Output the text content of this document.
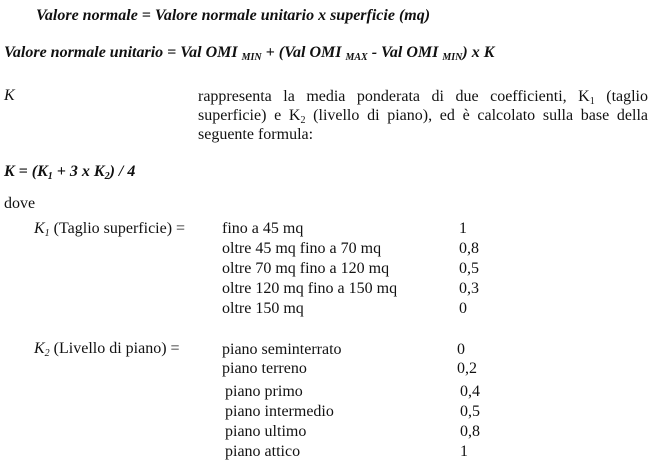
Valore normale = Valore normale unitario x superficie (mq)
Valore normale unitario = Val OMI $_{MIN}$ + (Val OMI $_{MAX}$ - Val OMI $_{MIN}$) x K
K	rappresenta la media ponderata di due coefficienti, $K_1$ (taglio superficie) e $K_2$ (livello di piano), ed è calcolato sulla base della seguente formula:
$K = (K_1 + 3$ x $K_2) / 4$
dove
$K_1$ (Taglio superficie) = fino a 45 mq	1
oltre 45 mq fino a 70 mq	0,8
oltre 70 mq fino a 120 mq	0,5
oltre 120 mq fino a 150 mq	0,3
oltre 150 mq	0
$K_2$ (Livello di piano) =	piano seminterrato	0
piano terreno	0,2
piano primo	0,4
piano intermedio	0,5
piano ultimo	0,8
piano attico	1
